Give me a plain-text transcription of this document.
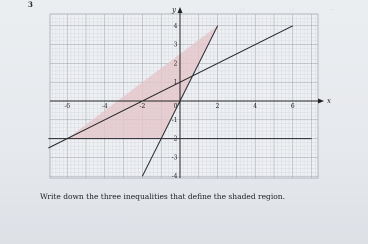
3	...	...	...
-6	-4	-2	2	4	6
4
3
2
1
-1
-2
-3
-4
0
x
y
Write down the three inequalities that define the shaded region.
